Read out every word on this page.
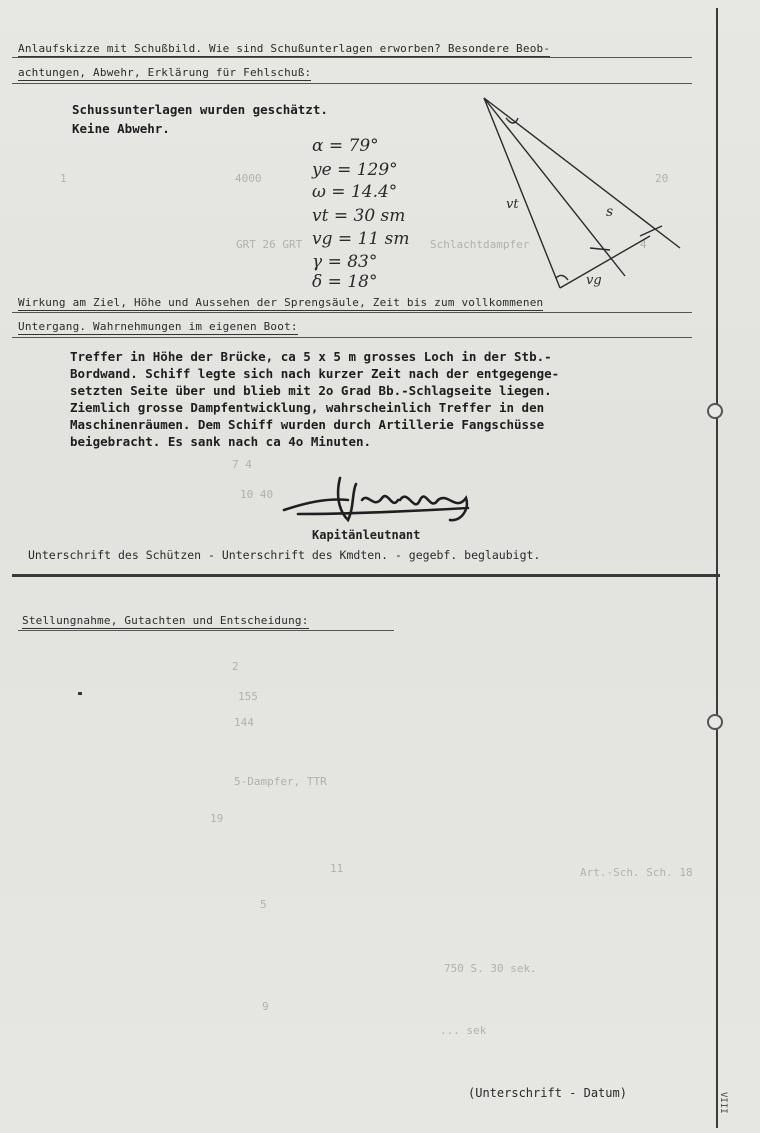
1	4000	20
Schlachtdampfer
GRT 26 GRT	4
7 4
10 40
2
155
144
5-Dampfer, TTR
11
19
Art.-Sch. Sch. 18
5
9
750 S. 30 sek.
... sek
Anlaufskizze mit Schußbild. Wie sind Schußunterlagen erworben? Besondere Beob-
achtungen, Abwehr, Erklärung für Fehlschuß:
Schussunterlagen wurden geschätzt.
Keine Abwehr.
α = 79°
ye = 129°
ω = 14.4°
vt = 30 sm
vg = 11 sm
γ = 83°
δ = 18°
vt	s
vg
Wirkung am Ziel, Höhe und Aussehen der Sprengsäule, Zeit bis zum vollkommenen
Untergang. Wahrnehmungen im eigenen Boot:
Treffer in Höhe der Brücke, ca 5 x 5 m grosses Loch in der Stb.-
Bordwand. Schiff legte sich nach kurzer Zeit nach der entgegenge-
setzten Seite über und blieb mit 2o Grad Bb.-Schlagseite liegen.
Ziemlich grosse Dampfentwicklung, wahrscheinlich Treffer in den
Maschinenräumen. Dem Schiff wurden durch Artillerie Fangschüsse
beigebracht. Es sank nach ca 4o Minuten.
Kapitänleutnant
Unterschrift des Schützen - Unterschrift des Kmdten. - gegebf. beglaubigt.
Stellungnahme, Gutachten und Entscheidung:
(Unterschrift - Datum)	VIII
